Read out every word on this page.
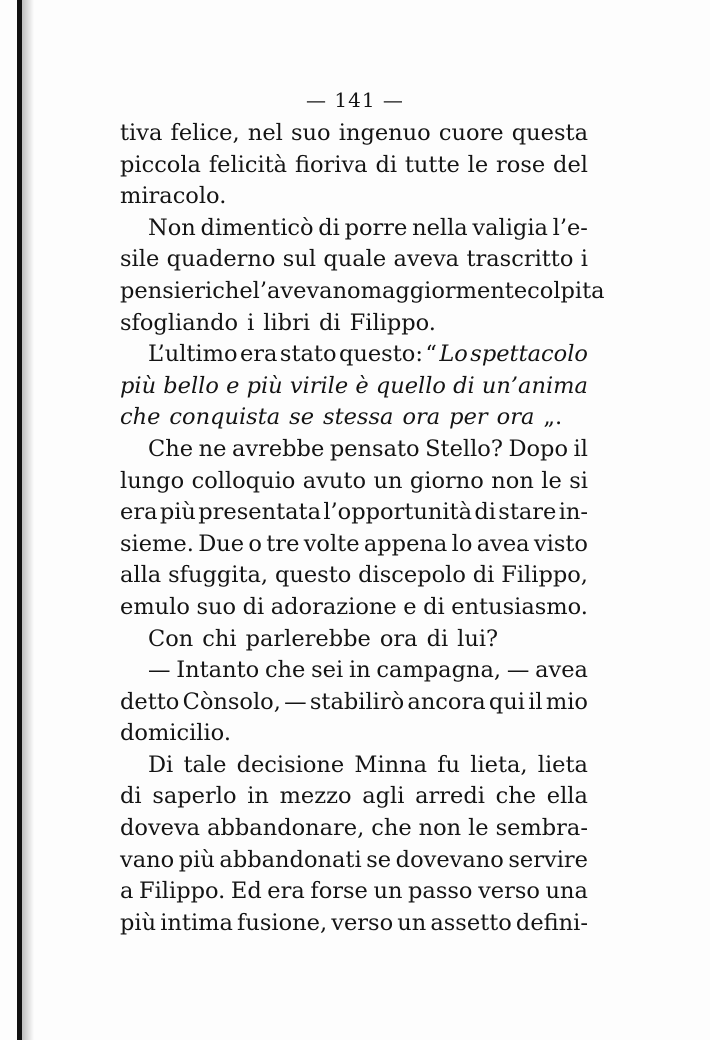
— 141 —
tiva felice, nel suo ingenuo cuore questa
piccola felicità fioriva di tutte le rose del
miracolo.
Non dimenticò di porre nella valigia l’e-
sile quaderno sul quale aveva trascritto i
pensieri che l’avevano maggiormente colpita
sfogliando i libri di Filippo.
L’ultimo era stato questo: “ Lo spettacolo
più bello e più virile è quello di un’anima
che conquista se stessa ora per ora „.
Che ne avrebbe pensato Stello? Dopo il
lungo colloquio avuto un giorno non le si
era più presentata l’opportunità di stare in-
sieme. Due o tre volte appena lo avea visto
alla sfuggita, questo discepolo di Filippo,
emulo suo di adorazione e di entusiasmo.
Con chi parlerebbe ora di lui?
— Intanto che sei in campagna, — avea
detto Cònsolo, — stabilirò ancora qui il mio
domicilio.
Di tale decisione Minna fu lieta, lieta
di saperlo in mezzo agli arredi che ella
doveva abbandonare, che non le sembra-
vano più abbandonati se dovevano servire
a Filippo. Ed era forse un passo verso una
più intima fusione, verso un assetto defini-
